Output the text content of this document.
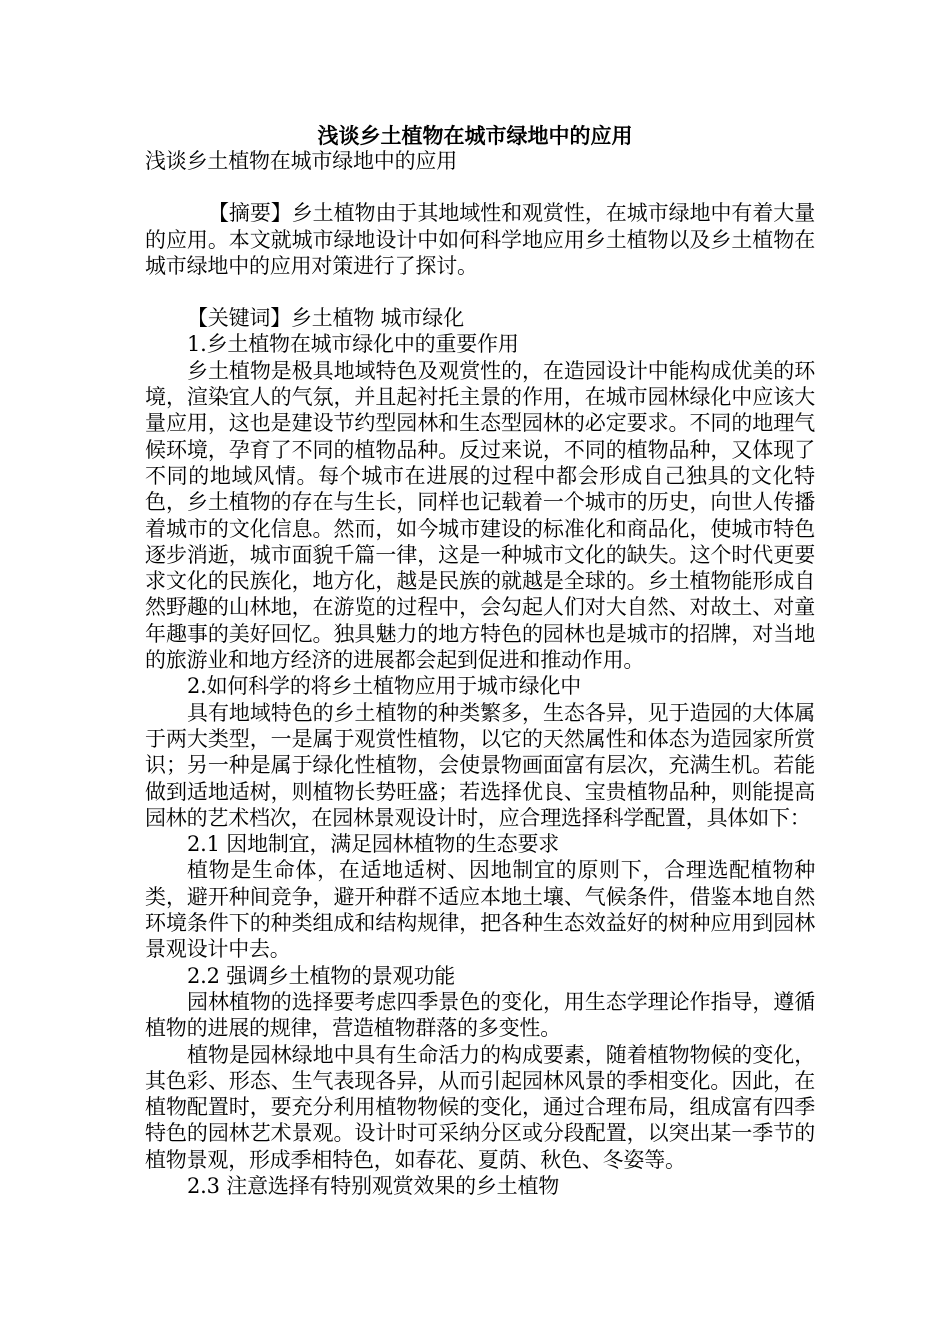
浅谈乡土植物在城市绿地中的应用

浅谈乡土植物在城市绿地中的应用

【摘要】乡土植物由于其地域性和观赏性，在城市绿地中有着大量的应用。本文就城市绿地设计中如何科学地应用乡土植物以及乡土植物在城市绿地中的应用对策进行了探讨。

【关键词】乡土植物 城市绿化

1.乡土植物在城市绿化中的重要作用

乡土植物是极具地域特色及观赏性的，在造园设计中能构成优美的环境，渲染宜人的气氛，并且起衬托主景的作用，在城市园林绿化中应该大量应用，这也是建设节约型园林和生态型园林的必定要求。不同的地理气候环境，孕育了不同的植物品种。反过来说，不同的植物品种，又体现了不同的地域风情。每个城市在进展的过程中都会形成自己独具的文化特色，乡土植物的存在与生长，同样也记载着一个城市的历史，向世人传播着城市的文化信息。然而，如今城市建设的标准化和商品化，使城市特色逐步消逝，城市面貌千篇一律，这是一种城市文化的缺失。这个时代更要求文化的民族化，地方化，越是民族的就越是全球的。乡土植物能形成自然野趣的山林地，在游览的过程中，会勾起人们对大自然、对故土、对童年趣事的美好回忆。独具魅力的地方特色的园林也是城市的招牌，对当地的旅游业和地方经济的进展都会起到促进和推动作用。

2.如何科学的将乡土植物应用于城市绿化中

具有地域特色的乡土植物的种类繁多，生态各异，见于造园的大体属于两大类型，一是属于观赏性植物，以它的天然属性和体态为造园家所赏识；另一种是属于绿化性植物，会使景物画面富有层次，充满生机。若能做到适地适树，则植物长势旺盛；若选择优良、宝贵植物品种，则能提高园林的艺术档次，在园林景观设计时，应合理选择科学配置，具体如下：

2.1 因地制宜，满足园林植物的生态要求

植物是生命体，在适地适树、因地制宜的原则下，合理选配植物种类，避开种间竞争，避开种群不适应本地土壤、气候条件，借鉴本地自然环境条件下的种类组成和结构规律，把各种生态效益好的树种应用到园林景观设计中去。

2.2 强调乡土植物的景观功能

园林植物的选择要考虑四季景色的变化，用生态学理论作指导，遵循植物的进展的规律，营造植物群落的多变性。

植物是园林绿地中具有生命活力的构成要素，随着植物物候的变化，其色彩、形态、生气表现各异，从而引起园林风景的季相变化。因此，在植物配置时，要充分利用植物物候的变化，通过合理布局，组成富有四季特色的园林艺术景观。设计时可采纳分区或分段配置，以突出某一季节的植物景观，形成季相特色，如春花、夏荫、秋色、冬姿等。

2.3 注意选择有特别观赏效果的乡土植物
